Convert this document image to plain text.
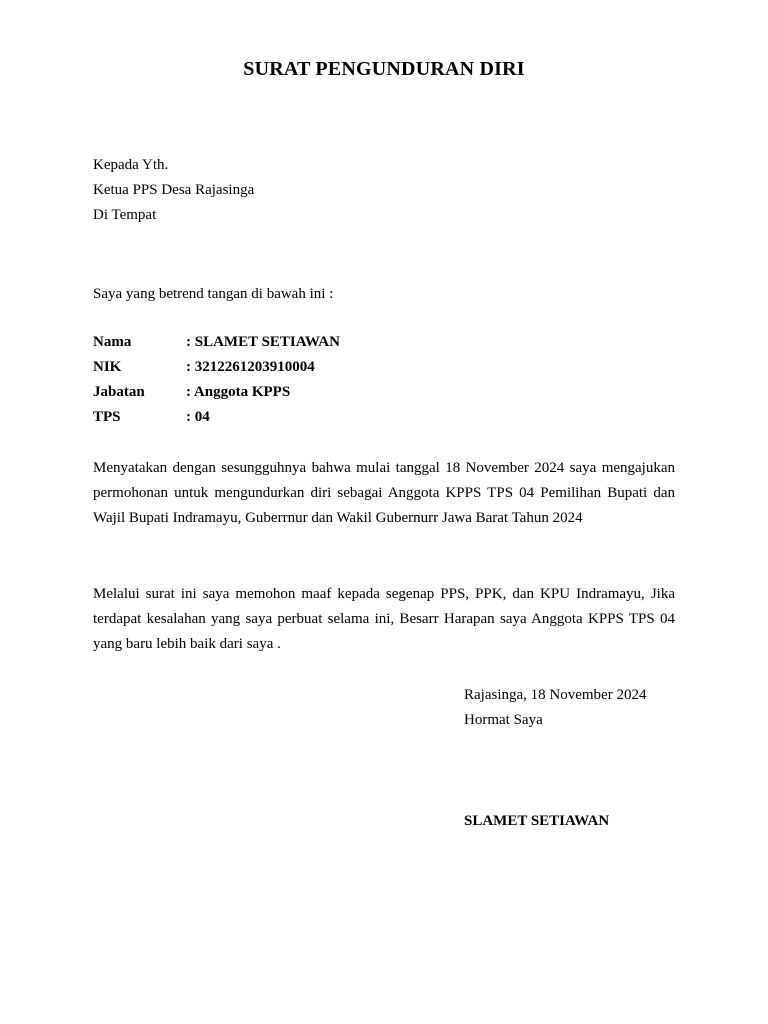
SURAT PENGUNDURAN DIRI
Kepada Yth.
Ketua PPS Desa Rajasinga
Di Tempat
Saya yang betrend tangan di bawah ini :
Nama	: SLAMET SETIAWAN
NIK	: 3212261203910004
Jabatan	: Anggota KPPS
TPS	: 04
Menyatakan dengan sesungguhnya bahwa mulai tanggal 18 November 2024 saya mengajukan permohonan untuk mengundurkan diri sebagai Anggota KPPS TPS 04 Pemilihan Bupati dan Wajil Bupati Indramayu, Guberrnur dan Wakil Gubernurr Jawa Barat Tahun 2024
Melalui surat ini saya memohon maaf kepada segenap PPS, PPK, dan KPU Indramayu, Jika terdapat kesalahan yang saya perbuat selama ini, Besarr Harapan saya Anggota KPPS TPS 04 yang baru lebih baik dari saya .
Rajasinga, 18 November 2024
Hormat Saya
SLAMET SETIAWAN
